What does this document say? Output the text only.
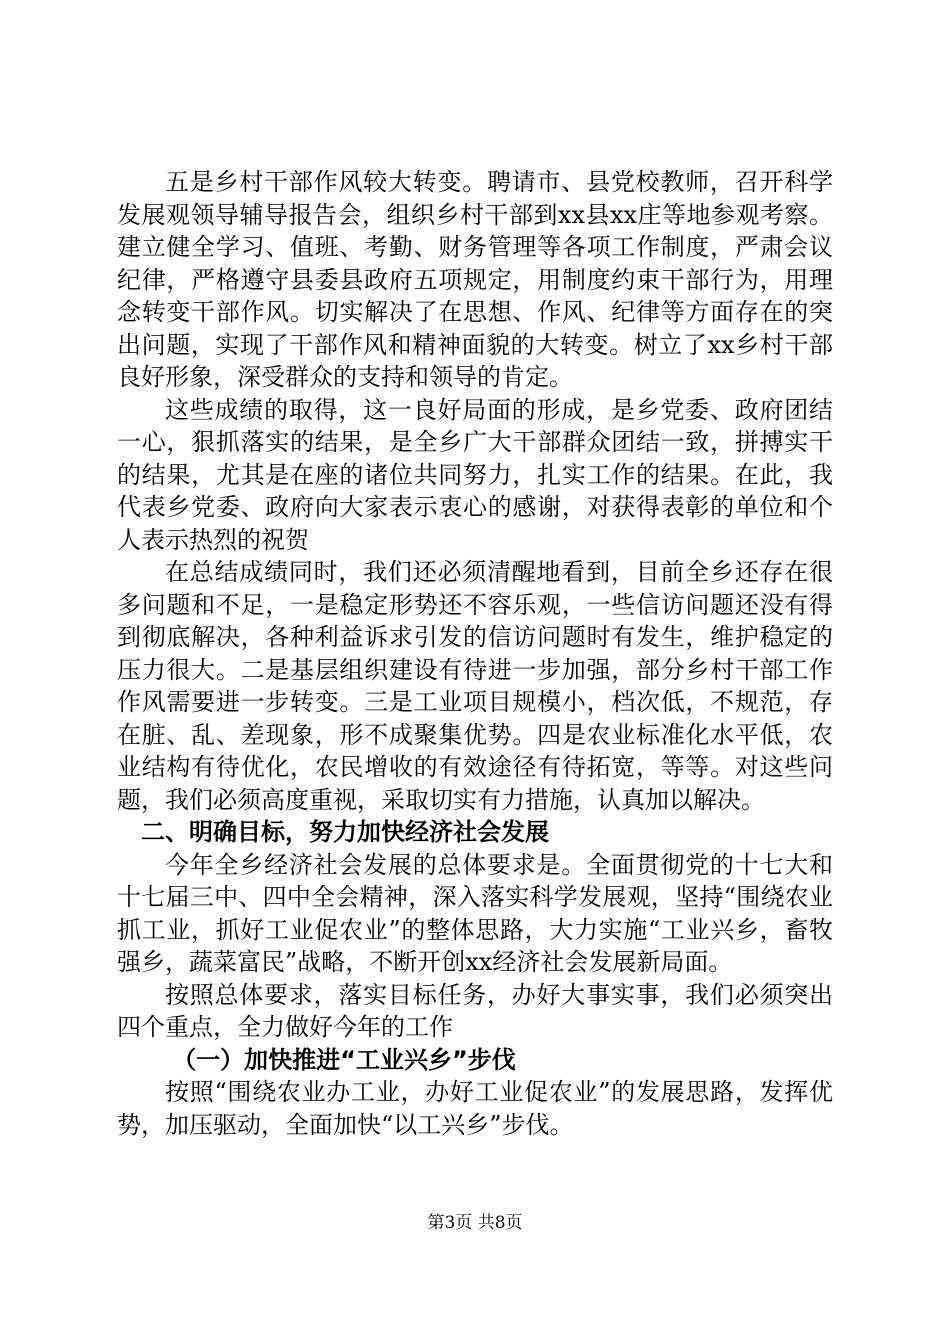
五是乡村干部作风较大转变。聘请市、县党校教师，召开科学发展观领导辅导报告会，组织乡村干部到xx县xx庄等地参观考察。建立健全学习、值班、考勤、财务管理等各项工作制度，严肃会议纪律，严格遵守县委县政府五项规定，用制度约束干部行为，用理念转变干部作风。切实解决了在思想、作风、纪律等方面存在的突出问题，实现了干部作风和精神面貌的大转变。树立了xx乡村干部良好形象，深受群众的支持和领导的肯定。

这些成绩的取得，这一良好局面的形成，是乡党委、政府团结一心，狠抓落实的结果，是全乡广大干部群众团结一致，拼搏实干的结果，尤其是在座的诸位共同努力，扎实工作的结果。在此，我代表乡党委、政府向大家表示衷心的感谢，对获得表彰的单位和个人表示热烈的祝贺

在总结成绩同时，我们还必须清醒地看到，目前全乡还存在很多问题和不足，一是稳定形势还不容乐观，一些信访问题还没有得到彻底解决，各种利益诉求引发的信访问题时有发生，维护稳定的压力很大。二是基层组织建设有待进一步加强，部分乡村干部工作作风需要进一步转变。三是工业项目规模小，档次低，不规范，存在脏、乱、差现象，形不成聚集优势。四是农业标准化水平低，农业结构有待优化，农民增收的有效途径有待拓宽，等等。对这些问题，我们必须高度重视，采取切实有力措施，认真加以解决。

二、明确目标，努力加快经济社会发展

今年全乡经济社会发展的总体要求是。全面贯彻党的十七大和十七届三中、四中全会精神，深入落实科学发展观，坚持“围绕农业抓工业，抓好工业促农业”的整体思路，大力实施“工业兴乡，畜牧强乡，蔬菜富民”战略，不断开创xx经济社会发展新局面。

按照总体要求，落实目标任务，办好大事实事，我们必须突出四个重点，全力做好今年的工作

（一）加快推进“工业兴乡”步伐

按照“围绕农业办工业，办好工业促农业”的发展思路，发挥优势，加压驱动，全面加快“以工兴乡”步伐。

第3页 共8页
